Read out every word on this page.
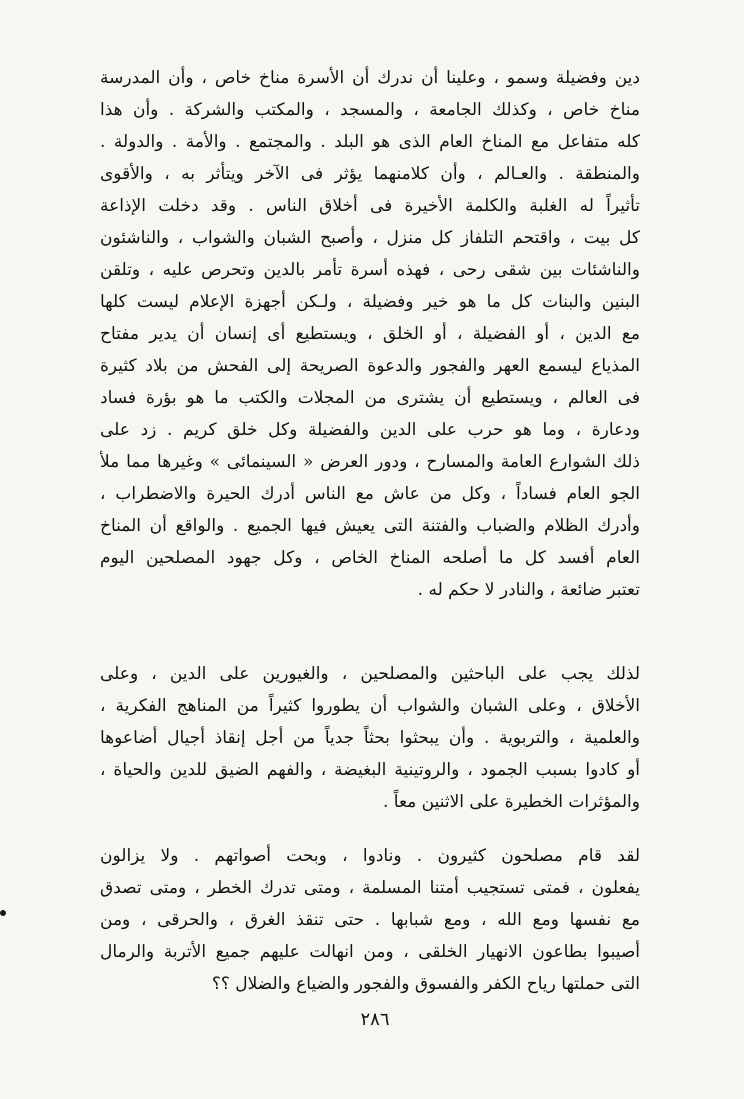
دين وفضيلة وسمو ، وعلينا أن ندرك أن الأسرة مناخ خاص ، وأن المدرسة
مناخ خاص ، وكذلك الجامعة ، والمسجد ، والمكتب والشركة . وأن هذا
كله متفاعل مع المناخ العام الذى هو البلد . والمجتمع . والأمة . والدولة .
والمنطقة . والعـالم ، وأن كلامنهما يؤثر فى الآخر ويتأثر به ، والأقوى
تأثيراً له الغلبة والكلمة الأخيرة فى أخلاق الناس . وقد دخلت الإذاعة
كل بيت ، واقتحم التلفاز كل منزل ، وأصبح الشبان والشواب ، والناشئون
والناشئات بين شقى رحى ، فهذه أسرة تأمر بالدين وتحرص عليه ، وتلقن
البنين والبنات كل ما هو خير وفضيلة ، ولـكن أجهزة الإعلام ليست كلها
مع الدين ، أو الفضيلة ، أو الخلق ، ويستطيع أى إنسان أن يدير مفتاح
المذياع ليسمع العهر والفجور والدعوة الصريحة إلى الفحش من بلاد كثيرة
فى العالم ، ويستطيع أن يشترى من المجلات والكتب ما هو بؤرة فساد
ودعارة ، وما هو حرب على الدين والفضيلة وكل خلق كريم . زد على
ذلك الشوارع العامة والمسارح ، ودور العرض « السينمائى » وغيرها مما ملأ
الجو العام فساداً ، وكل من عاش مع الناس أدرك الحيرة والاضطراب ،
وأدرك الظلام والضباب والفتنة التى يعيش فيها الجميع . والواقع أن المناخ
العام أفسد كل ما أصلحه المناخ الخاص ، وكل جهود المصلحين اليوم
تعتبر ضائعة ، والنادر لا حكم له .
لذلك يجب على الباحثين والمصلحين ، والغيورين على الدين ، وعلى
الأخلاق ، وعلى الشبان والشواب أن يطوروا كثيراً من المناهج الفكرية ،
والعلمية ، والتربوية . وأن يبحثوا بحثاً جدياً من أجل إنقاذ أجيال أضاعوها
أو كادوا بسبب الجمود ، والروتينية البغيضة ، والفهم الضيق للدين والحياة ،
والمؤثرات الخطيرة على الاثنين معاً .
لقد قام مصلحون كثيرون . ونادوا ، وبحت أصواتهم . ولا يزالون
يفعلون ، فمتى تستجيب أمتنا المسلمة ، ومتى تدرك الخطر ، ومتى تصدق
مع نفسها ومع الله ، ومع شبابها . حتى تنقذ الغرق ، والحرقى ، ومن
أصيبوا بطاعون الانهيار الخلقى ، ومن انهالت عليهم جميع الأتربة والرمال
التى حملتها رياح الكفر والفسوق والفجور والضياع والضلال ؟؟
٢٨٦
